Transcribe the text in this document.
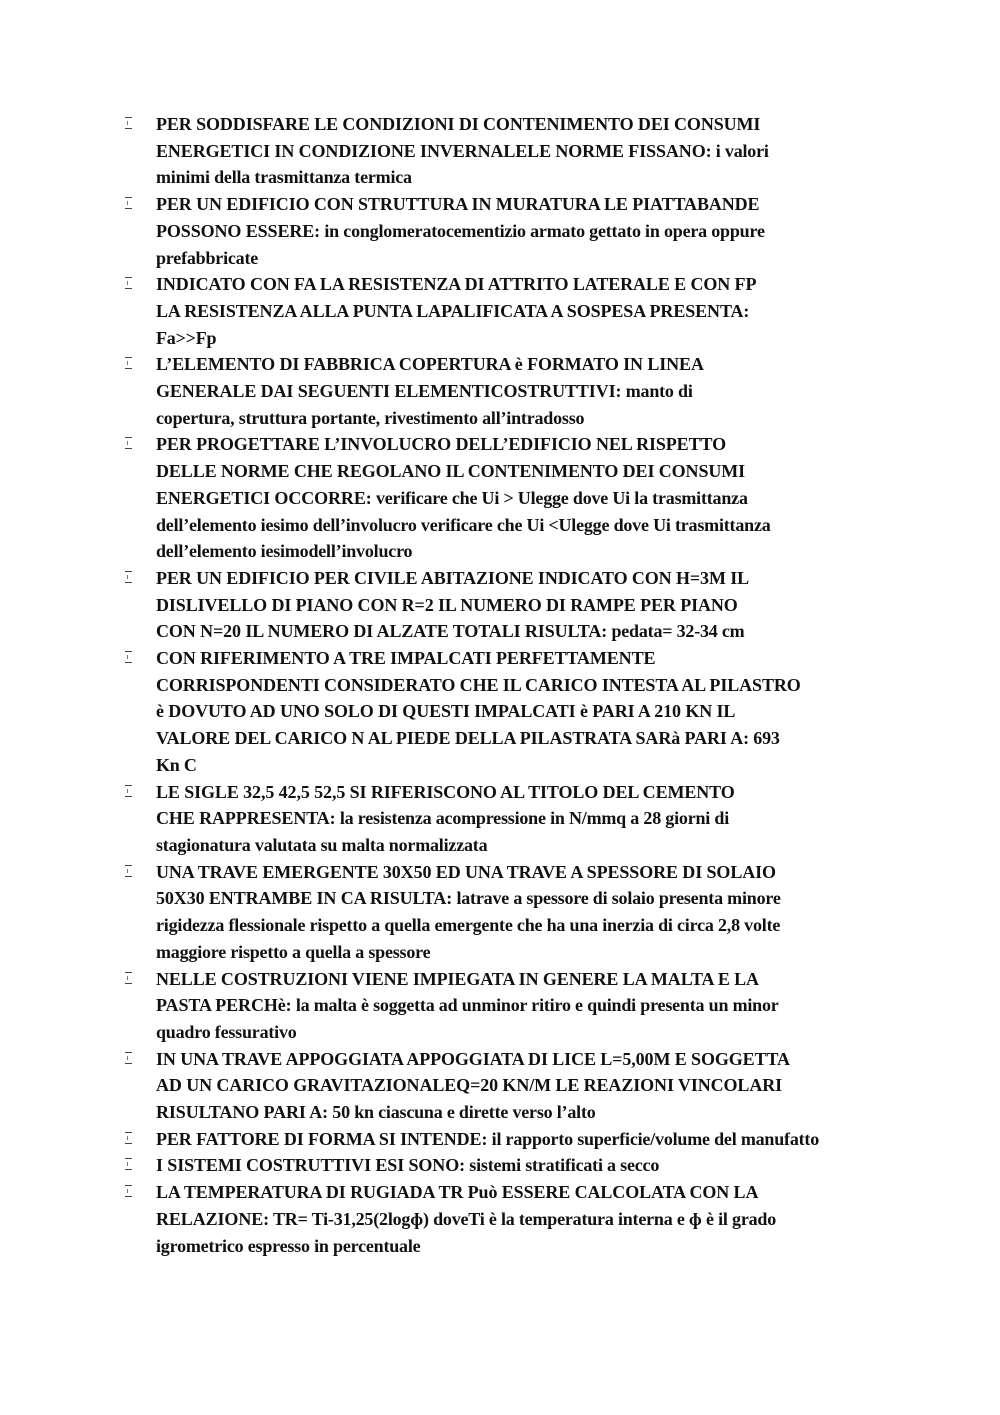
PER SODDISFARE LE CONDIZIONI DI CONTENIMENTO DEI CONSUMI
ENERGETICI IN CONDIZIONE INVERNALELE NORME FISSANO: i valori
minimi della trasmittanza termica
PER UN EDIFICIO CON STRUTTURA IN MURATURA LE PIATTABANDE
POSSONO ESSERE: in conglomeratocementizio armato gettato in opera oppure
prefabbricate
INDICATO CON FA LA RESISTENZA DI ATTRITO LATERALE E CON FP
LA RESISTENZA ALLA PUNTA LAPALIFICATA A SOSPESA PRESENTA:
Fa>>Fp
L’ELEMENTO DI FABBRICA COPERTURA è FORMATO IN LINEA
GENERALE DAI SEGUENTI ELEMENTICOSTRUTTIVI: manto di
copertura, struttura portante, rivestimento all’intradosso
PER PROGETTARE L’INVOLUCRO DELL’EDIFICIO NEL RISPETTO
DELLE NORME CHE REGOLANO IL CONTENIMENTO DEI CONSUMI
ENERGETICI OCCORRE: verificare che Ui > Ulegge dove Ui la trasmittanza
dell’elemento iesimo dell’involucro verificare che Ui <Ulegge dove Ui trasmittanza
dell’elemento iesimodell’involucro
PER UN EDIFICIO PER CIVILE ABITAZIONE INDICATO CON H=3M IL
DISLIVELLO DI PIANO CON R=2 IL NUMERO DI RAMPE PER PIANO
CON N=20 IL NUMERO DI ALZATE TOTALI RISULTA: pedata= 32-34 cm
CON RIFERIMENTO A TRE IMPALCATI PERFETTAMENTE
CORRISPONDENTI CONSIDERATO CHE IL CARICO INTESTA AL PILASTRO
è DOVUTO AD UNO SOLO DI QUESTI IMPALCATI è PARI A 210 KN IL
VALORE DEL CARICO N AL PIEDE DELLA PILASTRATA SARà PARI A: 693
Kn C
LE SIGLE 32,5 42,5 52,5 SI RIFERISCONO AL TITOLO DEL CEMENTO
CHE RAPPRESENTA: la resistenza acompressione in N/mmq a 28 giorni di
stagionatura valutata su malta normalizzata
UNA TRAVE EMERGENTE 30X50 ED UNA TRAVE A SPESSORE DI SOLAIO
50X30 ENTRAMBE IN CA RISULTA: latrave a spessore di solaio presenta minore
rigidezza flessionale rispetto a quella emergente che ha una inerzia di circa 2,8 volte
maggiore rispetto a quella a spessore
NELLE COSTRUZIONI VIENE IMPIEGATA IN GENERE LA MALTA E LA
PASTA PERCHè: la malta è soggetta ad unminor ritiro e quindi presenta un minor
quadro fessurativo
IN UNA TRAVE APPOGGIATA APPOGGIATA DI LICE L=5,00M E SOGGETTA
AD UN CARICO GRAVITAZIONALEQ=20 KN/M LE REAZIONI VINCOLARI
RISULTANO PARI A: 50 kn ciascuna e dirette verso l’alto
PER FATTORE DI FORMA SI INTENDE: il rapporto superficie/volume del manufatto
I SISTEMI COSTRUTTIVI ESI SONO: sistemi stratificati a secco
LA TEMPERATURA DI RUGIADA TR Può ESSERE CALCOLATA CON LA
RELAZIONE: TR= Ti-31,25(2logɸ) doveTi è la temperatura interna e ɸ è il grado
igrometrico espresso in percentuale
